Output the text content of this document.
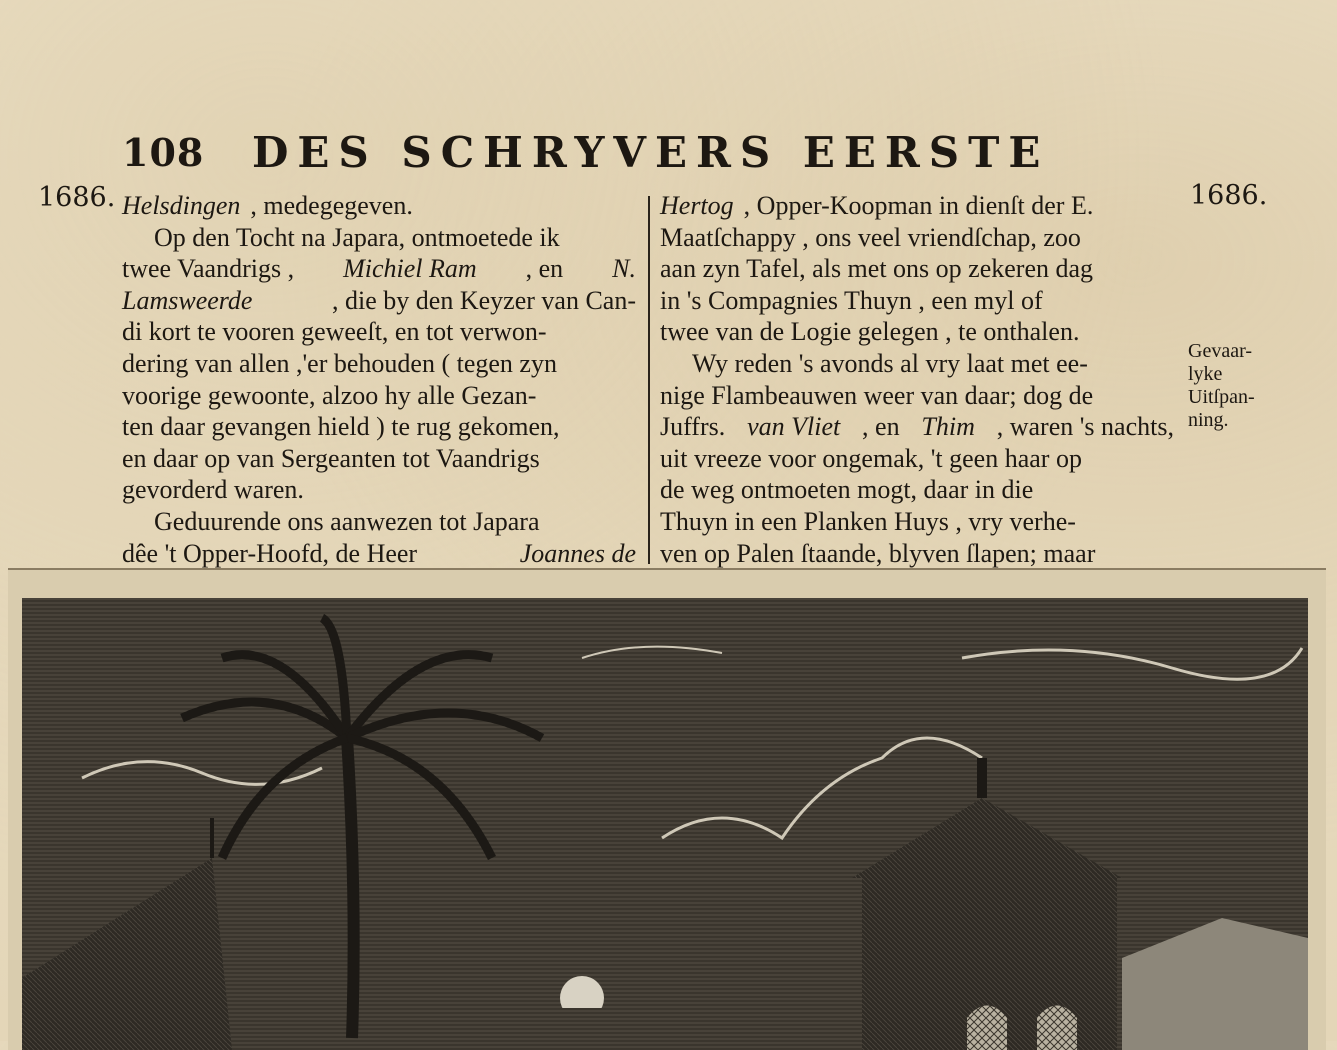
108 DES SCHRYVERS EERSTE
1686.	1686.
Helsdingen , medegegeven.
Op den Tocht na Japara, ontmoetede ik
twee Vaandrigs , Michiel Ram , en N.
Lamsweerde	, die by den Keyzer van Can-
di kort te vooren geweeſt, en tot verwon-
dering van allen ,'er behouden ( tegen zyn
voorige gewoonte, alzoo hy alle Gezan-
ten daar gevangen hield ) te rug gekomen,
en daar op van Sergeanten tot Vaandrigs
gevorderd waren.
Geduurende ons aanwezen tot Japara
dêe 't Opper-Hoofd, de Heer	Joannes de
Hertog , Opper-Koopman in dienſt der E.
Maatſchappy , ons veel vriendſchap, zoo
aan zyn Tafel, als met ons op zekeren dag
in 's Compagnies Thuyn , een myl of
twee van de Logie gelegen , te onthalen.
Wy reden 's avonds al vry laat met ee-
nige Flambeauwen weer van daar; dog de
Juffrs. van Vliet , en Thim , waren 's nachts,
uit vreeze voor ongemak, 't geen haar op
de weg ontmoeten mogt, daar in die
Thuyn in een Planken Huys , vry verhe-
ven op Palen ſtaande, blyven ſlapen; maar
Gevaar-
lyke
Uitſpan-
ning.
